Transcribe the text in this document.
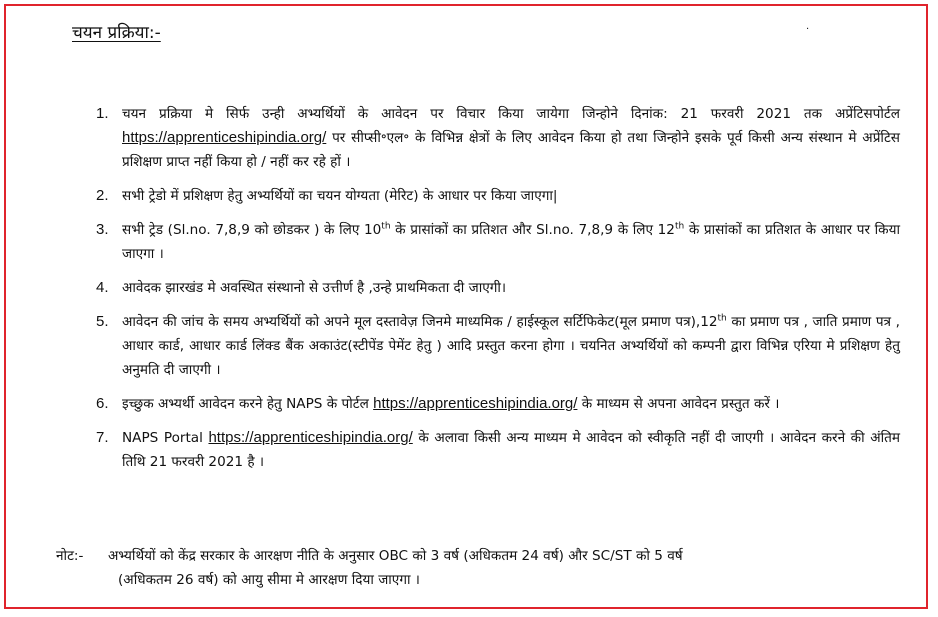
चयन प्रक्रिया:-	·
1. चयन प्रक्रिया मे सिर्फ उन्ही अभ्यर्थियों के आवेदन पर विचार किया जायेगा जिन्होने दिनांक: 21 फरवरी 2021 तक अप्रेंटिसपोर्टल https://apprenticeshipindia.org/ पर सीप्सी॰एल॰ के विभिन्न क्षेत्रों के लिए आवेदन किया हो तथा जिन्होने इसके पूर्व किसी अन्य संस्थान मे अप्रेंटिस प्रशिक्षण प्राप्त नहीं किया हो / नहीं कर रहे हों ।
2. सभी ट्रेडो में प्रशिक्षण हेतु अभ्यर्थियों का चयन योग्यता (मेरिट) के आधार पर किया जाएगा|
3. सभी ट्रेड (Sl.no. 7,8,9 को छोडकर ) के लिए 10th के प्रासांकों का प्रतिशत और Sl.no. 7,8,9 के लिए 12th के प्रासांकों का प्रतिशत के आधार पर किया जाएगा ।
4. आवेदक झारखंड मे अवस्थित संस्थानो से उत्तीर्ण है ,उन्हे प्राथमिकता दी जाएगी।
5. आवेदन की जांच के समय अभ्यर्थियों को अपने मूल दस्तावेज़ जिनमे माध्यमिक / हाईस्कूल सर्टिफिकेट(मूल प्रमाण पत्र),12th का प्रमाण पत्र , जाति प्रमाण पत्र , आधार कार्ड, आधार कार्ड लिंक्ड बैंक अकाउंट(स्टीपेंड पेमेंट हेतु ) आदि प्रस्तुत करना होगा । चयनित अभ्यर्थियों को कम्पनी द्वारा विभिन्न एरिया मे प्रशिक्षण हेतु अनुमति दी जाएगी ।
6. इच्छुक अभ्यर्थी आवेदन करने हेतु NAPS के पोर्टल https://apprenticeshipindia.org/ के माध्यम से अपना आवेदन प्रस्तुत करें ।
7. NAPS Portal https://apprenticeshipindia.org/ के अलावा किसी अन्य माध्यम मे आवेदन को स्वीकृति नहीं दी जाएगी । आवेदन करने की अंतिम तिथि 21 फरवरी 2021 है ।
नोट:-	अभ्यर्थियों को केंद्र सरकार के आरक्षण नीति के अनुसार OBC को 3 वर्ष (अधिकतम 24 वर्ष) और SC/ST को 5 वर्ष
(अधिकतम 26 वर्ष) को आयु सीमा मे आरक्षण दिया जाएगा ।
